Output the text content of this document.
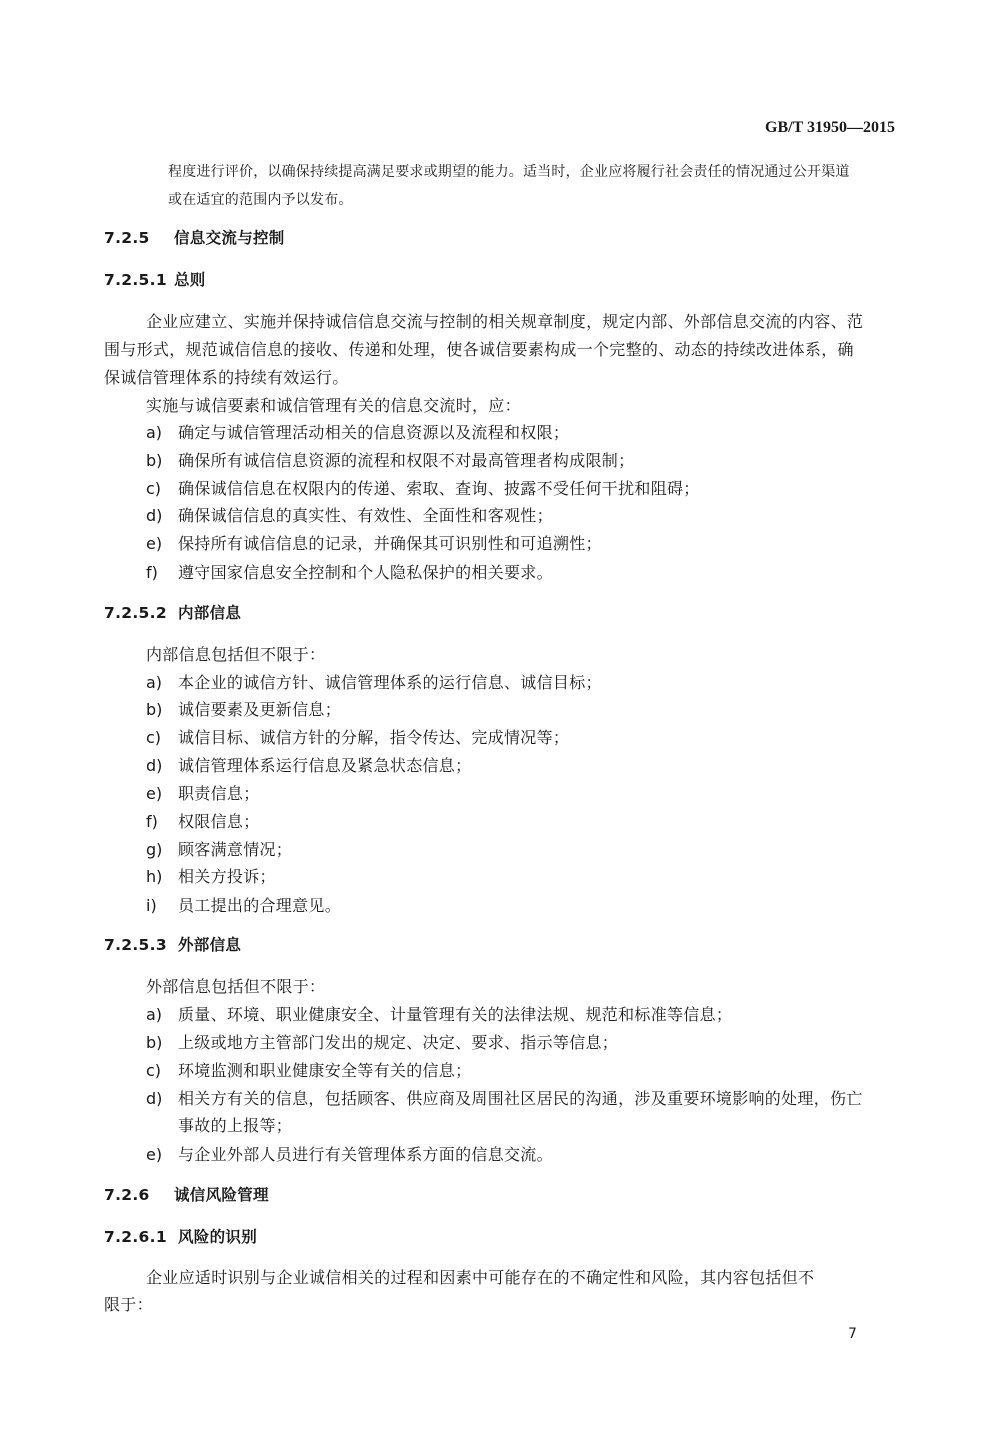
GB/T 31950—2015
程度进行评价，以确保持续提高满足要求或期望的能力。适当时，企业应将履行社会责任的情况通过公开渠道
或在适宜的范围内予以发布。
7.2.5 信息交流与控制
7.2.5.1 总则
企业应建立、实施并保持诚信信息交流与控制的相关规章制度，规定内部、外部信息交流的内容、范
围与形式，规范诚信信息的接收、传递和处理，使各诚信要素构成一个完整的、动态的持续改进体系，确
保诚信管理体系的持续有效运行。
实施与诚信要素和诚信管理有关的信息交流时，应：
a) 确定与诚信管理活动相关的信息资源以及流程和权限；
b) 确保所有诚信信息资源的流程和权限不对最高管理者构成限制；
c) 确保诚信信息在权限内的传递、索取、查询、披露不受任何干扰和阻碍；
d) 确保诚信信息的真实性、有效性、全面性和客观性；
e) 保持所有诚信信息的记录，并确保其可识别性和可追溯性；
f) 遵守国家信息安全控制和个人隐私保护的相关要求。
7.2.5.2 内部信息
内部信息包括但不限于：
a) 本企业的诚信方针、诚信管理体系的运行信息、诚信目标；
b) 诚信要素及更新信息；
c) 诚信目标、诚信方针的分解，指令传达、完成情况等；
d) 诚信管理体系运行信息及紧急状态信息；
e) 职责信息；
f) 权限信息；
g) 顾客满意情况；
h) 相关方投诉；
i) 员工提出的合理意见。
7.2.5.3 外部信息
外部信息包括但不限于：
a) 质量、环境、职业健康安全、计量管理有关的法律法规、规范和标准等信息；
b) 上级或地方主管部门发出的规定、决定、要求、指示等信息；
c) 环境监测和职业健康安全等有关的信息；
d) 相关方有关的信息，包括顾客、供应商及周围社区居民的沟通，涉及重要环境影响的处理，伤亡
事故的上报等；
e) 与企业外部人员进行有关管理体系方面的信息交流。
7.2.6 诚信风险管理
7.2.6.1 风险的识别
企业应适时识别与企业诚信相关的过程和因素中可能存在的不确定性和风险，其内容包括但不
限于：
7
